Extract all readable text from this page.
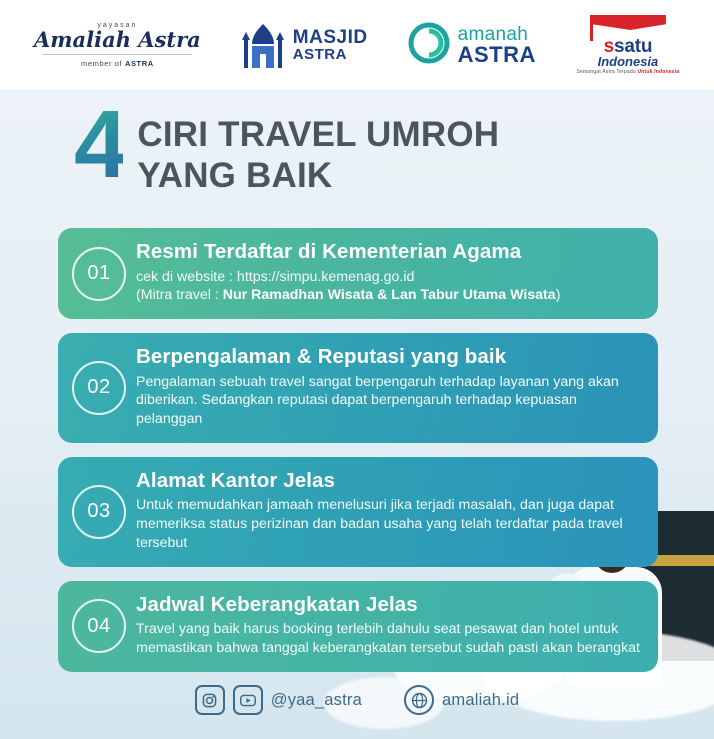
yayasan
Amaliah Astra
member of ASTRA
MASJID
ASTRA
amanah
ASTRA	ssatu
Indonesia
Semangat Astra Terpadu Untuk Indonesia
4 CIRI TRAVEL UMROH
YANG BAIK
01
Resmi Terdaftar di Kementerian Agama

cek di website : https://simpu.kemenag.go.id

(Mitra travel : Nur Ramadhan Wisata & Lan Tabur Utama Wisata)

02
Berpengalaman & Reputasi yang baik

Pengalaman sebuah travel sangat berpengaruh terhadap layanan yang akan diberikan. Sedangkan reputasi dapat berpengaruh terhadap kepuasan pelanggan

03
Alamat Kantor Jelas

Untuk memudahkan jamaah menelusuri jika terjadi masalah, dan juga dapat memeriksa status perizinan dan badan usaha yang telah terdaftar pada travel tersebut

04
Jadwal Keberangkatan Jelas

Travel yang baik harus booking terlebih dahulu seat pesawat dan hotel untuk memastikan bahwa tanggal keberangkatan tersebut sudah pasti akan berangkat

@yaa_astra	amaliah.id
